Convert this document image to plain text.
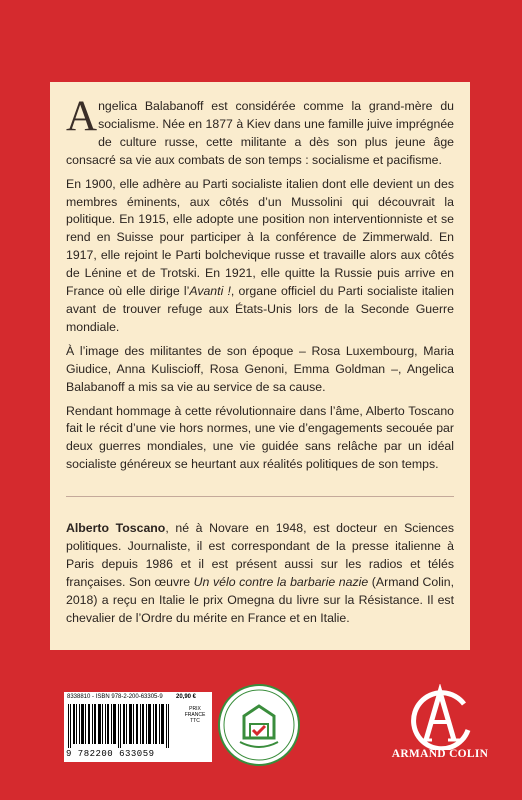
Angelica Balabanoff est considérée comme la grand-mère du socialisme. Née en 1877 à Kiev dans une famille juive imprégnée de culture russe, cette militante a dès son plus jeune âge consacré sa vie aux combats de son temps : socialisme et pacifisme.

En 1900, elle adhère au Parti socialiste italien dont elle devient un des membres éminents, aux côtés d’un Mussolini qui découvrait la politique. En 1915, elle adopte une position non interventionniste et se rend en Suisse pour participer à la conférence de Zimmerwald. En 1917, elle rejoint le Parti bolchevique russe et travaille alors aux côtés de Lénine et de Trotski. En 1921, elle quitte la Russie puis arrive en France où elle dirige l’Avanti !, organe officiel du Parti socialiste italien avant de trouver refuge aux États-Unis lors de la Seconde Guerre mondiale.

À l’image des militantes de son époque – Rosa Luxembourg, Maria Giudice, Anna Kuliscioff, Rosa Genoni, Emma Goldman –, Angelica Balabanoff a mis sa vie au service de sa cause.

Rendant hommage à cette révolutionnaire dans l’âme, Alberto Toscano fait le récit d’une vie hors normes, une vie d’engagements secouée par deux guerres mondiales, une vie guidée sans relâche par un idéal socialiste généreux se heurtant aux réalités politiques de son temps.

Alberto Toscano, né à Novare en 1948, est docteur en Sciences politiques. Journaliste, il est correspondant de la presse italienne à Paris depuis 1986 et il est présent aussi sur les radios et télés françaises. Son œuvre Un vélo contre la barbarie nazie (Armand Colin, 2018) a reçu en Italie le prix Omegna du livre sur la Résistance. Il est chevalier de l’Ordre du mérite en France et en Italie.

8338810 - ISBN 978-2-200-63305-9 20,90 €
PRIX FRANCE TTC
9 782200 633059	ARMAND COLIN
